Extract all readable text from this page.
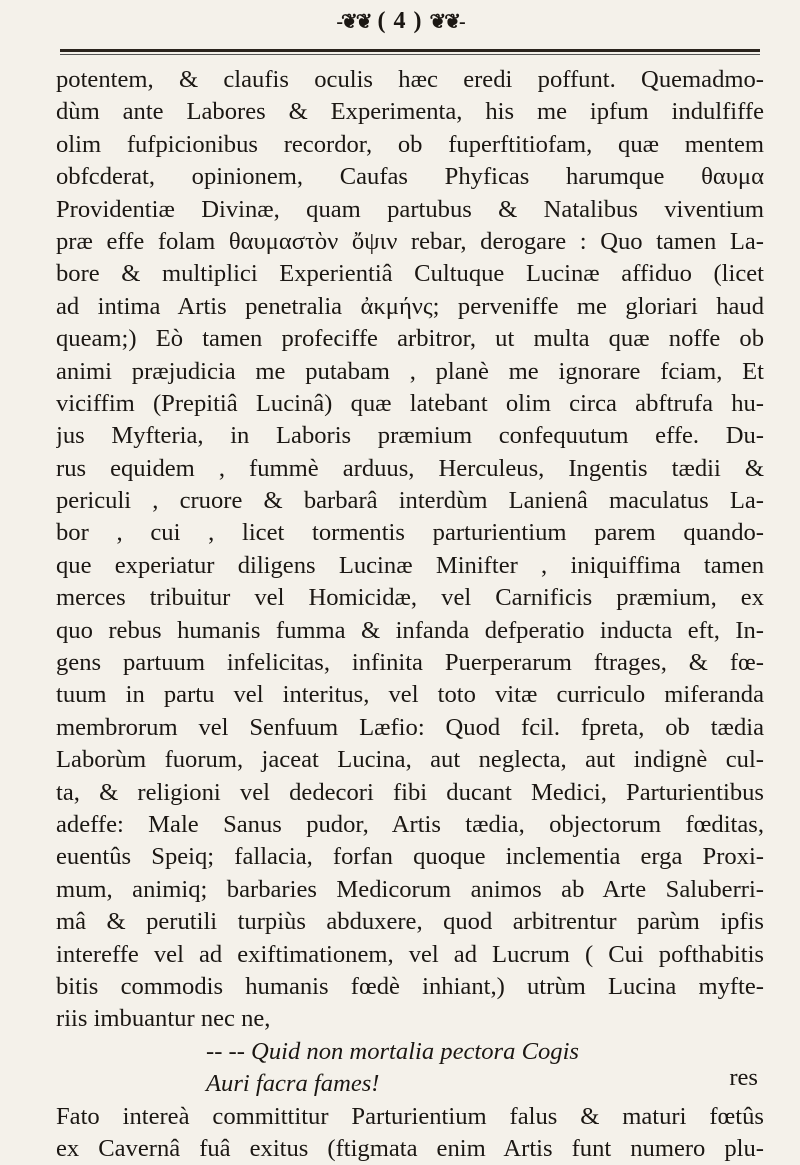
-❦❦ ( 4 ) ❦❦-
potentem, & claufis oculis hæc eredi poffunt. Quemadmo-
dùm ante Labores & Experimenta, his me ipfum indulfiffe
olim fufpicionibus recordor, ob fuperftitiofam, quæ mentem
obfcderat, opinionem, Caufas Phyficas harumque θαυμα
Providentiæ Divinæ, quam partubus & Natalibus viventium
præ effe folam θαυμαστὸν ὄψιν rebar, derogare : Quo tamen La-
bore & multiplici Experientiâ Cultuque Lucinæ affiduo (licet
ad intima Artis penetralia ἀκμήνς; perveniffe me gloriari haud
queam;) Eò tamen profeciffe arbitror, ut multa quæ noffe ob
animi præjudicia me putabam , planè me ignorare fciam, Et
viciffim (Prepitiâ Lucinâ) quæ latebant olim circa abftrufa hu-
jus Myfteria, in Laboris præmium confequutum effe. Du-
rus equidem , fummè arduus, Herculeus, Ingentis tædii &
periculi , cruore & barbarâ interdùm Lanienâ maculatus La-
bor , cui , licet tormentis parturientium parem quando-
que experiatur diligens Lucinæ Minifter , iniquiffima tamen
merces tribuitur vel Homicidæ, vel Carnificis præmium, ex
quo rebus humanis fumma & infanda defperatio inducta eft, In-
gens partuum infelicitas, infinita Puerperarum ftrages, & fœ-
tuum in partu vel interitus, vel toto vitæ curriculo miferanda
membrorum vel Senfuum Læfio: Quod fcil. fpreta, ob tædia
Laborùm fuorum, jaceat Lucina, aut neglecta, aut indignè cul-
ta, & religioni vel dedecori fibi ducant Medici, Parturientibus
adeffe: Male Sanus pudor, Artis tædia, objectorum fœditas,
euentûs Speiq; fallacia, forfan quoque inclementia erga Proxi-
mum, animiq; barbaries Medicorum animos ab Arte Saluberri-
mâ & perutili turpiùs abduxere, quod arbitrentur parùm ipfis
intereffe vel ad exiftimationem, vel ad Lucrum ( Cui pofthabitis
bitis commodis humanis fœdè inhiant,) utrùm Lucina myfte-
riis imbuantur nec ne,
-- -- Quid non mortalia pectora Cogis
Auri facra fames!
Fato intereà committitur Parturientium falus & maturi fœtûs
ex Cavernâ fuâ exitus (ftigmata enim Artis funt numero plu-
res
